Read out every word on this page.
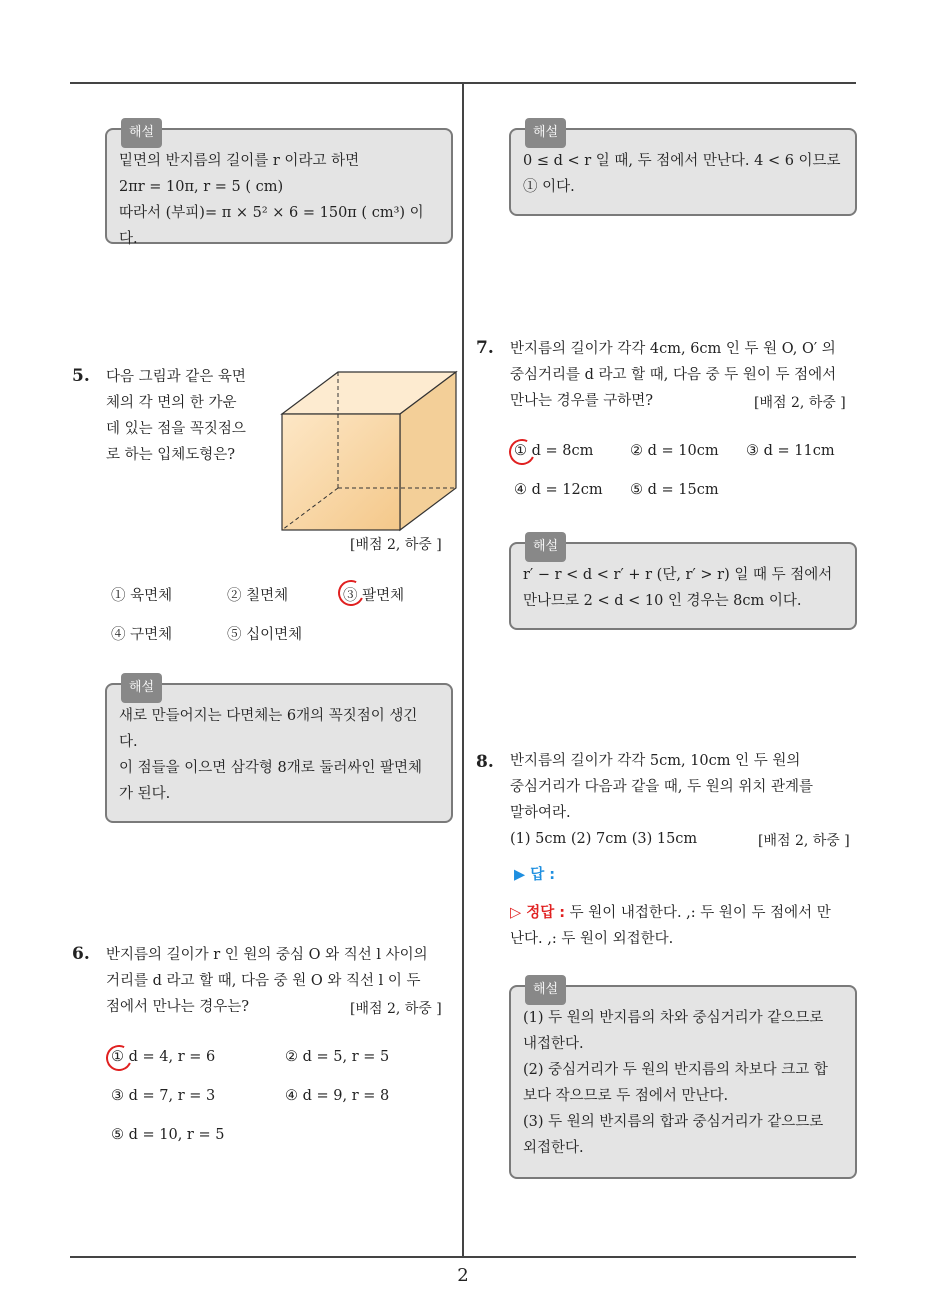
해설
밑면의 반지름의 길이를 r 이라고 하면
2πr = 10π, r = 5 ( cm)
따라서 (부피)= π × 5² × 6 = 150π ( cm³) 이다.
5. 다음 그림과 같은 육면
체의 각 면의 한 가운
데 있는 점을 꼭짓점으
로 하는 입체도형은?
[배점 2, 하중 ]
① 육면체	② 칠면체	③ 팔면체
④ 구면체	⑤ 십이면체
해설
새로 만들어지는 다면체는 6개의 꼭짓점이 생긴
다.
이 점들을 이으면 삼각형 8개로 둘러싸인 팔면체
가 된다.
6. 반지름의 길이가 r 인 원의 중심 O 와 직선 l 사이의
거리를 d 라고 할 때, 다음 중 원 O 와 직선 l 이 두
점에서 만나는 경우는?	[배점 2, 하중 ]
① d = 4, r = 6	② d = 5, r = 5
③ d = 7, r = 3	④ d = 9, r = 8
⑤ d = 10, r = 5
해설
0 ≤ d < r 일 때, 두 점에서 만난다. 4 < 6 이므로
① 이다.
7. 반지름의 길이가 각각 4cm, 6cm 인 두 원 O, O′ 의
중심거리를 d 라고 할 때, 다음 중 두 원이 두 점에서
만나는 경우를 구하면?	[배점 2, 하중 ]
① d = 8cm	② d = 10cm ③ d = 11cm
④ d = 12cm ⑤ d = 15cm
해설
r′ − r < d < r′ + r (단, r′ > r) 일 때 두 점에서
만나므로 2 < d < 10 인 경우는 8cm 이다.
8. 반지름의 길이가 각각 5cm, 10cm 인 두 원의
중심거리가 다음과 같을 때, 두 원의 위치 관계를
말하여라.
(1) 5cm (2) 7cm (3) 15cm	[배점 2, 하중 ]
▶ 답 :
▷ 정답 : 두 원이 내접한다. ,: 두 원이 두 점에서 만
난다. ,: 두 원이 외접한다.
해설
(1) 두 원의 반지름의 차와 중심거리가 같으므로
내접한다.
(2) 중심거리가 두 원의 반지름의 차보다 크고 합
보다 작으므로 두 점에서 만난다.
(3) 두 원의 반지름의 합과 중심거리가 같으므로
외접한다.
2
